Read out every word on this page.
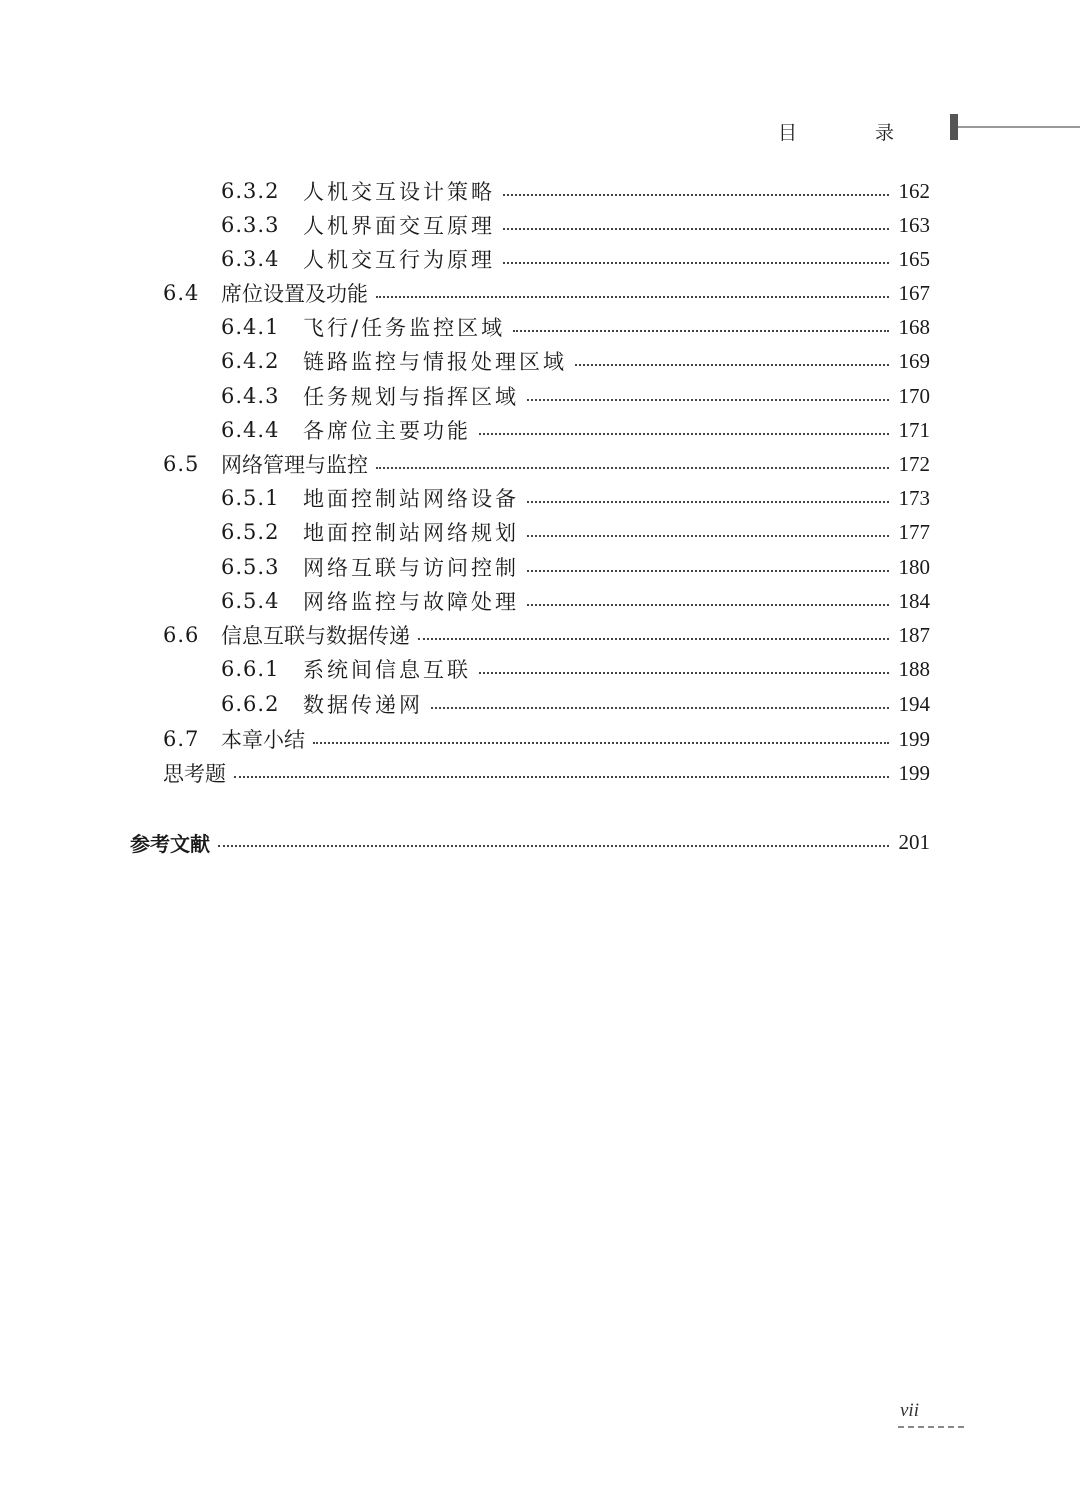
目 录
6.3.2	人机交互设计策略	162
6.3.3	人机界面交互原理	163
6.3.4	人机交互行为原理	165
6.4	席位设置及功能	167
6.4.1	飞行/任务监控区域	168
6.4.2	链路监控与情报处理区域	169
6.4.3	任务规划与指挥区域	170
6.4.4	各席位主要功能	171
6.5	网络管理与监控	172
6.5.1	地面控制站网络设备	173
6.5.2	地面控制站网络规划	177
6.5.3	网络互联与访问控制	180
6.5.4	网络监控与故障处理	184
6.6	信息互联与数据传递	187
6.6.1	系统间信息互联	188
6.6.2	数据传递网	194
6.7	本章小结	199
思考题	199
参考文献	201
vii
